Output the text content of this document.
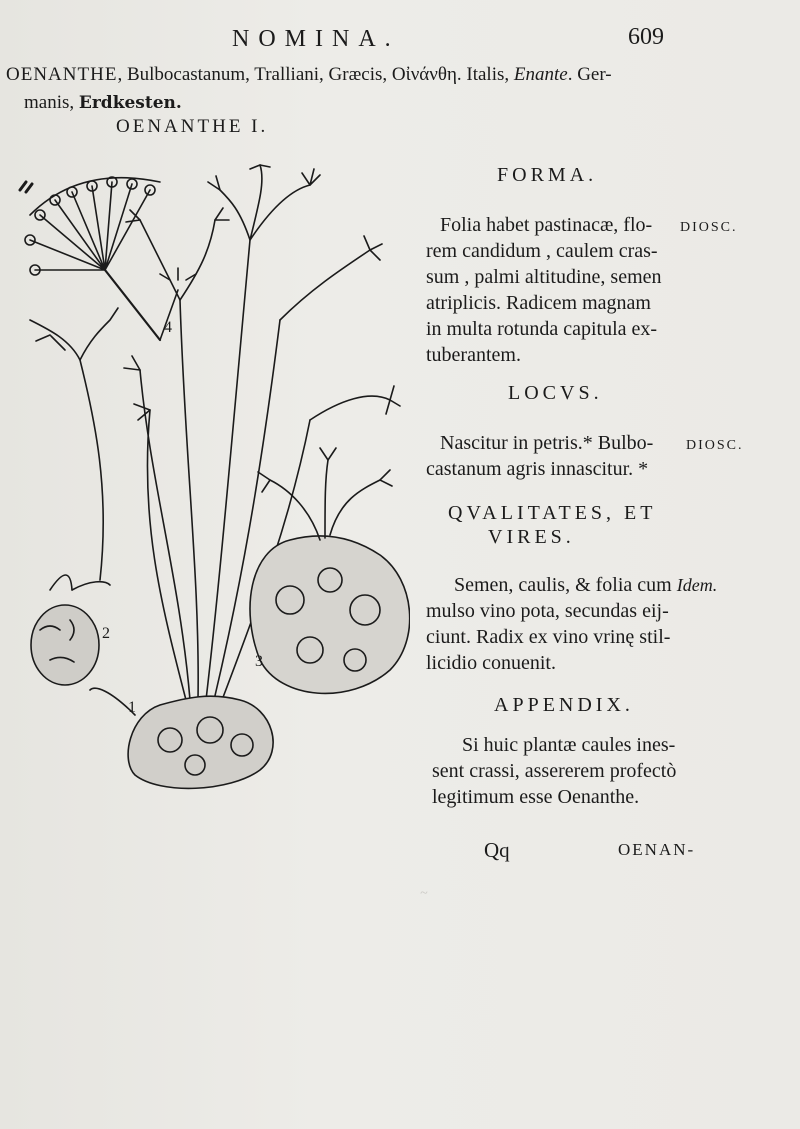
~
NOMINA.	609
OENANTHE, Bulbocastanum, Tralliani, Græcis, Οἰνάνθη. Italis, Enante. Ger-
manis, Erdkesten.
OENANTHE I.
4
2
3
1
FORMA.
DIOSC.
Folia habet pastinacæ, flo-
rem candidum , caulem cras-
sum , palmi altitudine, semen
atriplicis. Radicem magnam
in multa rotunda capitula ex-
tuberantem.
LOCVS.
DIOSC.
Nascitur in petris.* Bulbo-
castanum agris innascitur. *
QVALITATES, ET
VIRES.
Semen, caulis, & folia cum Idem.
mulso vino pota, secundas eij-
ciunt. Radix ex vino vrinę stil-
licidio conuenit.
APPENDIX.
Si huic plantæ caules ines-
sent crassi, assererem profectò
legitimum esse Oenanthe.
Qq	OENAN-
